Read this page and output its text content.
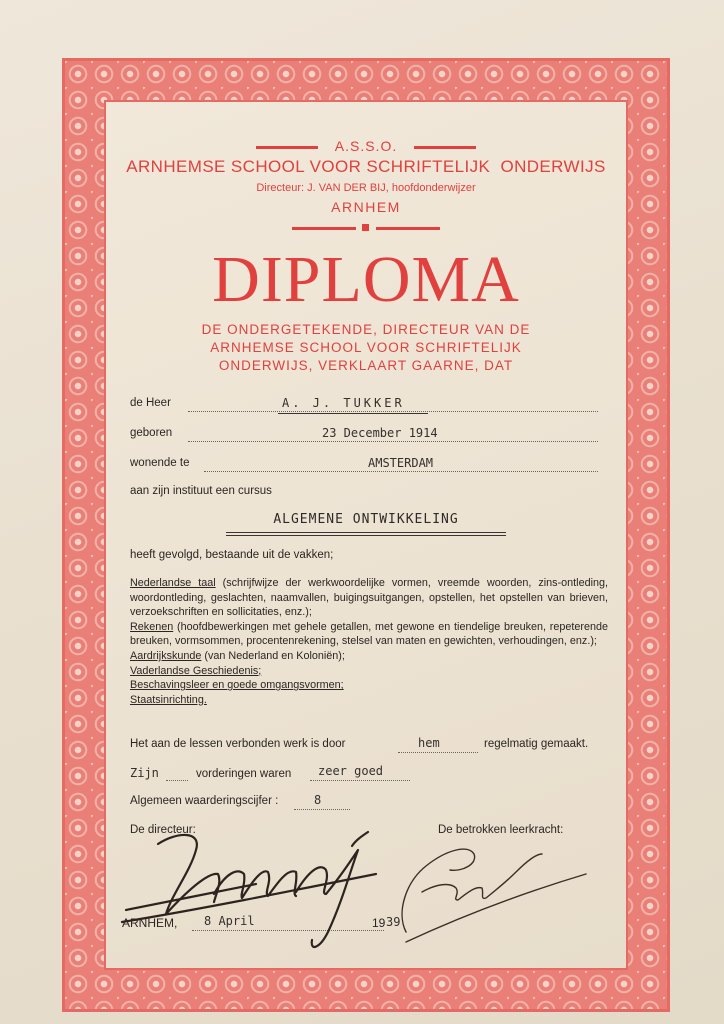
A.S.S.O.
ARNHEMSE SCHOOL VOOR SCHRIFTELIJK  ONDERWIJS
Directeur: J. VAN DER BIJ, hoofdonderwijzer
ARNHEM
DIPLOMA
DE ONDERGETEKENDE, DIRECTEUR VAN DE
ARNHEMSE SCHOOL VOOR SCHRIFTELIJK
ONDERWIJS, VERKLAART GAARNE, DAT
de Heer	A. J. TUKKER
geboren	23 December 1914
wonende te	AMSTERDAM
aan zijn instituut een cursus
ALGEMENE ONTWIKKELING
heeft gevolgd, bestaande uit de vakken;
Nederlandse taal (schrijfwijze der werkwoordelijke vormen, vreemde woorden, zins-ontleding, woordontleding, geslachten, naamvallen, buigingsuitgangen, opstellen, het opstellen van brieven, verzoekschriften en sollicitaties, enz.);
Rekenen (hoofdbewerkingen met gehele getallen, met gewone en tiendelige breuken, repeterende breuken, vormsommen, procentenrekening, stelsel van maten en gewichten, verhoudingen, enz.);
Aardrijkskunde (van Nederland en Koloniën);
Vaderlandse Geschiedenis;
Beschavingsleer en goede omgangsvormen;
Staatsinrichting.
Het aan de lessen verbonden werk is door	hem	regelmatig gemaakt.
Zijn	vorderingen waren zeer goed
Algemeen waarderingscijfer :	8
De directeur:	De betrokken leerkracht:
ARNHEM, 8 April	19 39
